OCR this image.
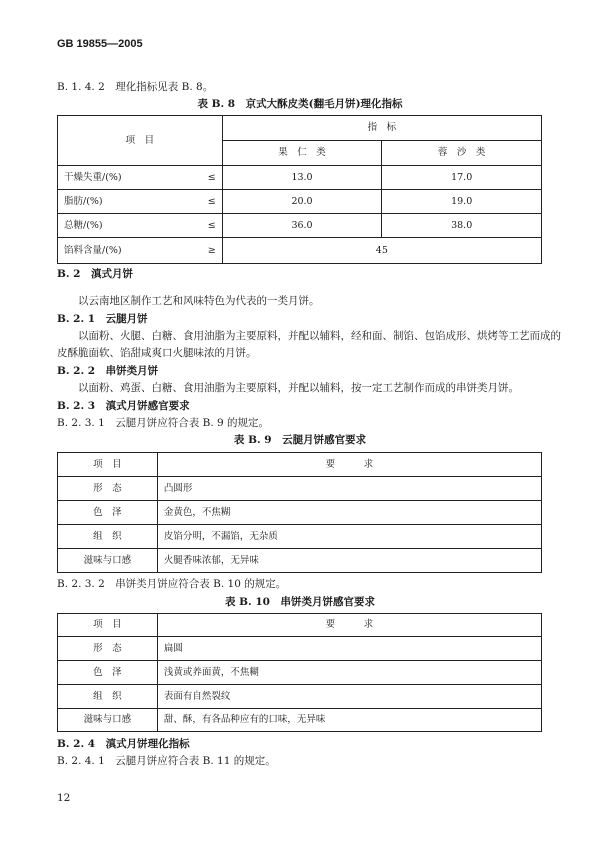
GB 19855—2005
B. 1. 4. 2　理化指标见表 B. 8。
表 B. 8　京式大酥皮类(翻毛月饼)理化指标
项　目		指　标	
		果　仁　类	蓉　沙　类
干燥失重/(%)	≤	13.0	17.0
脂肪/(%)	≤	20.0	19.0
总糖/(%)	≤	36.0	38.0
馅料含量/(%)	≥	45	
B. 2　滇式月饼
以云南地区制作工艺和风味特色为代表的一类月饼。
B. 2. 1　云腿月饼
以面粉、火腿、白糖、食用油脂为主要原料，并配以辅料，经和面、制馅、包馅成形、烘烤等工艺而成的
皮酥脆面软、馅甜咸爽口火腿味浓的月饼。
B. 2. 2　串饼类月饼
以面粉、鸡蛋、白糖、食用油脂为主要原料，并配以辅料，按一定工艺制作而成的串饼类月饼。
B. 2. 3　滇式月饼感官要求
B. 2. 3. 1　云腿月饼应符合表 B. 9 的规定。
表 B. 9　云腿月饼感官要求
项　目	要　　　求
形　态	凸圆形
色　泽	金黄色，不焦糊
组　织	皮馅分明，不漏馅，无杂质
滋味与口感	火腿香味浓郁，无异味
B. 2. 3. 2　串饼类月饼应符合表 B. 10 的规定。
表 B. 10　串饼类月饼感官要求
项　目	要　　　求
形　态	扁圆
色　泽	浅黄或养面黄，不焦糊
组　织	表面有自然裂纹
滋味与口感	甜、酥，有各品种应有的口味，无异味
B. 2. 4　滇式月饼理化指标
B. 2. 4. 1　云腿月饼应符合表 B. 11 的规定。
12
